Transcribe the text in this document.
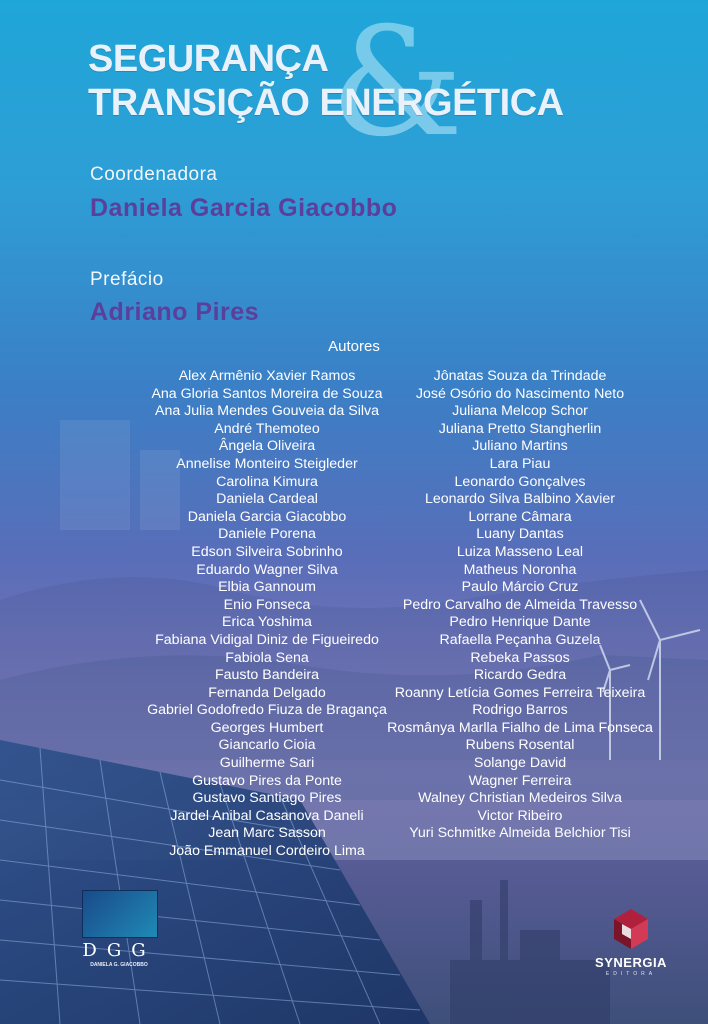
&
SEGURANÇA
TRANSIÇÃO ENERGÉTICA
Coordenadora
Daniela Garcia Giacobbo
Prefácio
Adriano Pires
Autores
Alex Armênio Xavier Ramos
Ana Gloria Santos Moreira de Souza
Ana Julia Mendes Gouveia da Silva
André Themoteo
Ângela Oliveira
Annelise Monteiro Steigleder
Carolina Kimura
Daniela Cardeal
Daniela Garcia Giacobbo
Daniele Porena
Edson Silveira Sobrinho
Eduardo Wagner Silva
Elbia Gannoum
Enio Fonseca
Erica Yoshima
Fabiana Vidigal Diniz de Figueiredo
Fabiola Sena
Fausto Bandeira
Fernanda Delgado
Gabriel Godofredo Fiuza de Bragança
Georges Humbert
Giancarlo Cioia
Guilherme Sari
Gustavo Pires da Ponte
Gustavo Santiago Pires
Jardel Anibal Casanova Daneli
Jean Marc Sasson
João Emmanuel Cordeiro Lima
Jônatas Souza da Trindade
José Osório do Nascimento Neto
Juliana Melcop Schor
Juliana Pretto Stangherlin
Juliano Martins
Lara Piau
Leonardo Gonçalves
Leonardo Silva Balbino Xavier
Lorrane Câmara
Luany Dantas
Luiza Masseno Leal
Matheus Noronha
Paulo Márcio Cruz
Pedro Carvalho de Almeida Travesso
Pedro Henrique Dante
Rafaella Peçanha Guzela
Rebeka Passos
Ricardo Gedra
Roanny Letícia Gomes Ferreira Teixeira
Rodrigo Barros
Rosmânya Marlla Fialho de Lima Fonseca
Rubens Rosental
Solange David
Wagner Ferreira
Walney Christian Medeiros Silva
Victor Ribeiro
Yuri Schmitke Almeida Belchior Tisi
DGG
DANIELA G. GIACOBBO	SYNERGIA
EDITORA
